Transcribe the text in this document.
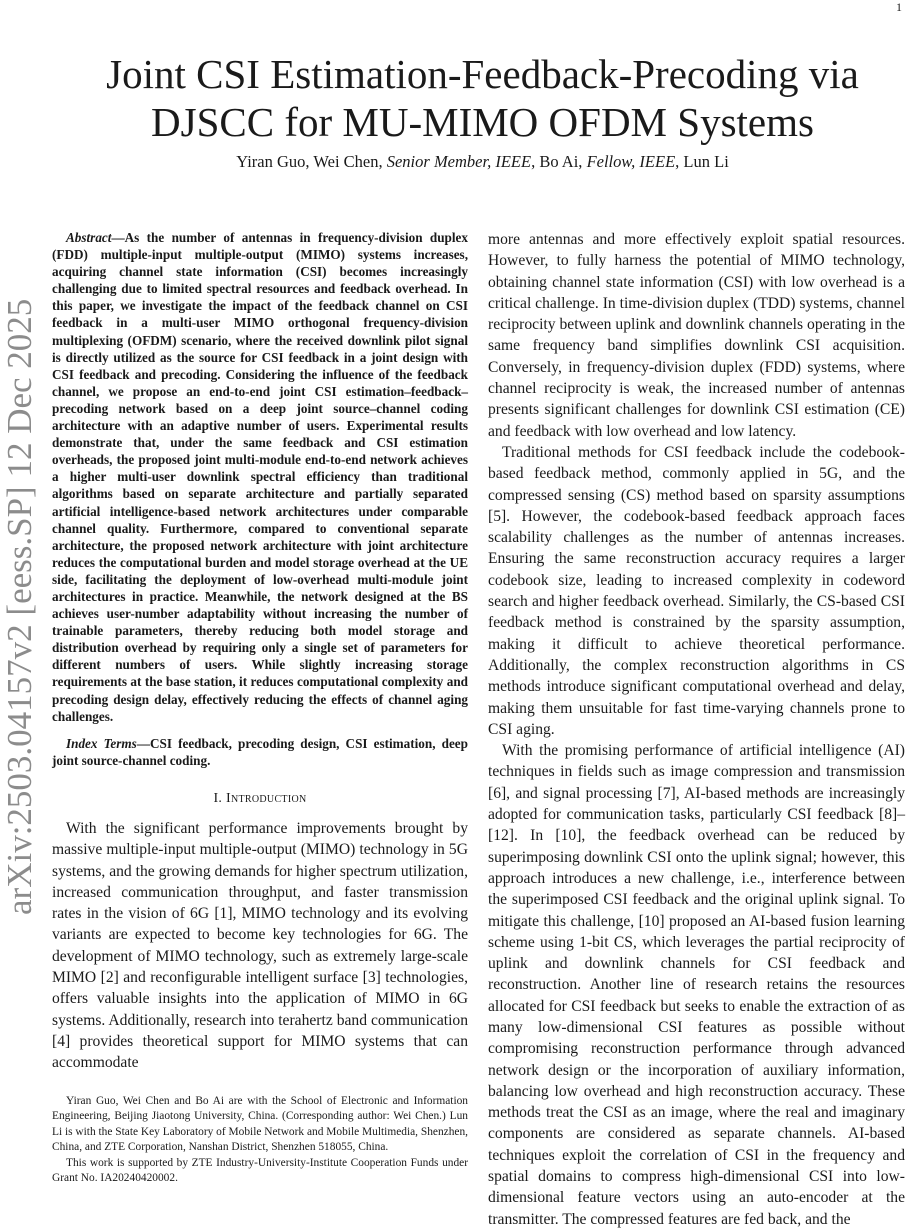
1
arXiv:2503.04157v2 [eess.SP] 12 Dec 2025
Joint CSI Estimation-Feedback-Precoding via DJSCC for MU-MIMO OFDM Systems
Yiran Guo, Wei Chen, Senior Member, IEEE, Bo Ai, Fellow, IEEE, Lun Li

Abstract—As the number of antennas in frequency-division duplex (FDD) multiple-input multiple-output (MIMO) systems increases, acquiring channel state information (CSI) becomes increasingly challenging due to limited spectral resources and feedback overhead. In this paper, we investigate the impact of the feedback channel on CSI feedback in a multi-user MIMO orthogonal frequency-division multiplexing (OFDM) scenario, where the received downlink pilot signal is directly utilized as the source for CSI feedback in a joint design with CSI feedback and precoding. Considering the influence of the feedback channel, we propose an end-to-end joint CSI estimation–feedback–precoding network based on a deep joint source–channel coding architecture with an adaptive number of users. Experimental results demonstrate that, under the same feedback and CSI estimation overheads, the proposed joint multi-module end-to-end network achieves a higher multi-user downlink spectral efficiency than traditional algorithms based on separate architecture and partially separated artificial intelligence-based network architectures under comparable channel quality. Furthermore, compared to conventional separate architecture, the proposed network architecture with joint architecture reduces the computational burden and model storage overhead at the UE side, facilitating the deployment of low-overhead multi-module joint architectures in practice. Meanwhile, the network designed at the BS achieves user-number adaptability without increasing the number of trainable parameters, thereby reducing both model storage and distribution overhead by requiring only a single set of parameters for different numbers of users. While slightly increasing storage requirements at the base station, it reduces computational complexity and precoding design delay, effectively reducing the effects of channel aging challenges.

Index Terms—CSI feedback, precoding design, CSI estimation, deep joint source-channel coding.

I. Introduction

With the significant performance improvements brought by massive multiple-input multiple-output (MIMO) technology in 5G systems, and the growing demands for higher spectrum utilization, increased communication throughput, and faster transmission rates in the vision of 6G [1], MIMO technology and its evolving variants are expected to become key technologies for 6G. The development of MIMO technology, such as extremely large-scale MIMO [2] and reconfigurable intelligent surface [3] technologies, offers valuable insights into the application of MIMO in 6G systems. Additionally, research into terahertz band communication [4] provides theoretical support for MIMO systems that can accommodate

more antennas and more effectively exploit spatial resources. However, to fully harness the potential of MIMO technology, obtaining channel state information (CSI) with low overhead is a critical challenge. In time-division duplex (TDD) systems, channel reciprocity between uplink and downlink channels operating in the same frequency band simplifies downlink CSI acquisition. Conversely, in frequency-division duplex (FDD) systems, where channel reciprocity is weak, the increased number of antennas presents significant challenges for downlink CSI estimation (CE) and feedback with low overhead and low latency.

Traditional methods for CSI feedback include the codebook-based feedback method, commonly applied in 5G, and the compressed sensing (CS) method based on sparsity assumptions [5]. However, the codebook-based feedback approach faces scalability challenges as the number of antennas increases. Ensuring the same reconstruction accuracy requires a larger codebook size, leading to increased complexity in codeword search and higher feedback overhead. Similarly, the CS-based CSI feedback method is constrained by the sparsity assumption, making it difficult to achieve theoretical performance. Additionally, the complex reconstruction algorithms in CS methods introduce significant computational overhead and delay, making them unsuitable for fast time-varying channels prone to CSI aging.

With the promising performance of artificial intelligence (AI) techniques in fields such as image compression and transmission [6], and signal processing [7], AI-based methods are increasingly adopted for communication tasks, particularly CSI feedback [8]–[12]. In [10], the feedback overhead can be reduced by superimposing downlink CSI onto the uplink signal; however, this approach introduces a new challenge, i.e., interference between the superimposed CSI feedback and the original uplink signal. To mitigate this challenge, [10] proposed an AI-based fusion learning scheme using 1-bit CS, which leverages the partial reciprocity of uplink and downlink channels for CSI feedback and reconstruction. Another line of research retains the resources allocated for CSI feedback but seeks to enable the extraction of as many low-dimensional CSI features as possible without compromising reconstruction performance through advanced network design or the incorporation of auxiliary information, balancing low overhead and high reconstruction accuracy. These methods treat the CSI as an image, where the real and imaginary components are considered as separate channels. AI-based techniques exploit the correlation of CSI in the frequency and spatial domains to compress high-dimensional CSI into low-dimensional feature vectors using an auto-encoder at the transmitter. The compressed features are fed back, and the

Yiran Guo, Wei Chen and Bo Ai are with the School of Electronic and Information Engineering, Beijing Jiaotong University, China. (Corresponding author: Wei Chen.) Lun Li is with the State Key Laboratory of Mobile Network and Mobile Multimedia, Shenzhen, China, and ZTE Corporation, Nanshan District, Shenzhen 518055, China.

This work is supported by ZTE Industry-University-Institute Cooperation Funds under Grant No. IA20240420002.
